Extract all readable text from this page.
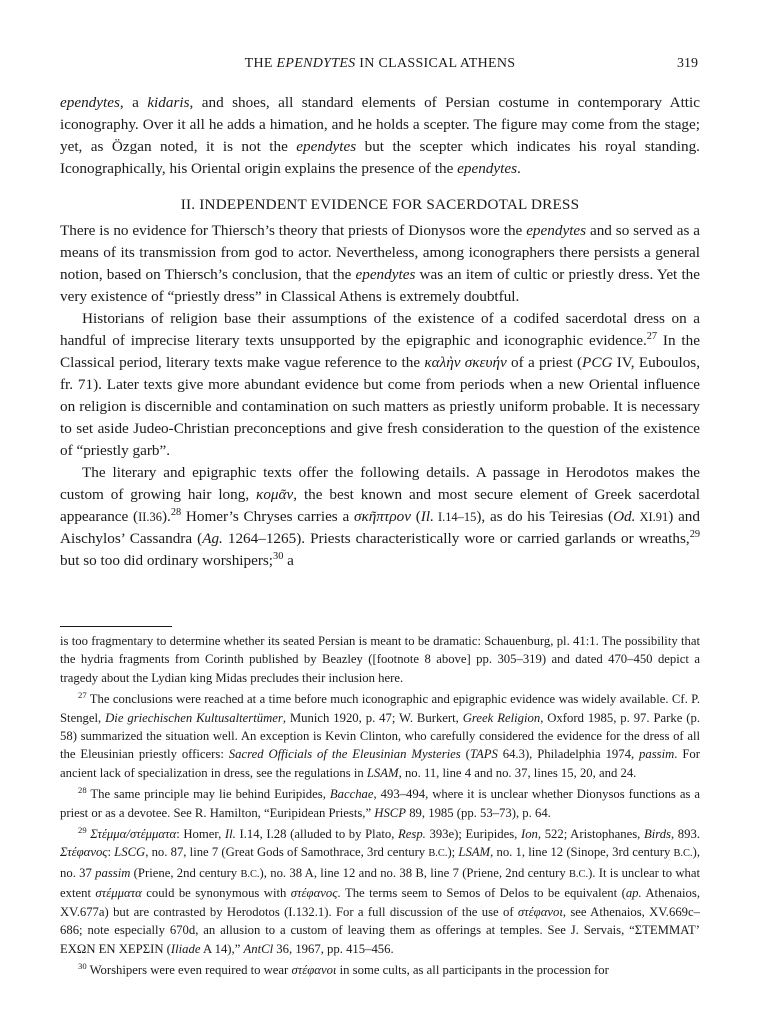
THE EPENDYTES IN CLASSICAL ATHENS	319

ependytes, a kidaris, and shoes, all standard elements of Persian costume in contemporary Attic iconography. Over it all he adds a himation, and he holds a scepter. The figure may come from the stage; yet, as Özgan noted, it is not the ependytes but the scepter which indicates his royal standing. Iconographically, his Oriental origin explains the presence of the ependytes.

II. INDEPENDENT EVIDENCE FOR SACERDOTAL DRESS

There is no evidence for Thiersch’s theory that priests of Dionysos wore the ependytes and so served as a means of its transmission from god to actor. Nevertheless, among iconographers there persists a general notion, based on Thiersch’s conclusion, that the ependytes was an item of cultic or priestly dress. Yet the very existence of “priestly dress” in Classical Athens is extremely doubtful.

Historians of religion base their assumptions of the existence of a codifed sacerdotal dress on a handful of imprecise literary texts unsupported by the epigraphic and iconographic evidence.$^{27}$ In the Classical period, literary texts make vague reference to the καλὴν σκευήν of a priest (PCG IV, Euboulos, fr. 71). Later texts give more abundant evidence but come from periods when a new Oriental influence on religion is discernible and contamination on such matters as priestly uniform probable. It is necessary to set aside Judeo-Christian preconceptions and give fresh consideration to the question of the existence of “priestly garb”.

The literary and epigraphic texts offer the following details. A passage in Herodotos makes the custom of growing hair long, κομᾶν, the best known and most secure element of Greek sacerdotal appearance (II.36).$^{28}$ Homer’s Chryses carries a σκῆπτρον (Il. I.14–15), as do his Teiresias (Od. XI.91) and Aischylos’ Cassandra (Ag. 1264–1265). Priests characteristically wore or carried garlands or wreaths,$^{29}$ but so too did ordinary worshipers;$^{30}$ a

is too fragmentary to determine whether its seated Persian is meant to be dramatic: Schauenburg, pl. 41:1. The possibility that the hydria fragments from Corinth published by Beazley ([footnote 8 above] pp. 305–319) and dated 470–450 depict a tragedy about the Lydian king Midas precludes their inclusion here.

$^{27}$ The conclusions were reached at a time before much iconographic and epigraphic evidence was widely available. Cf. P. Stengel, Die griechischen Kultusaltertümer, Munich 1920, p. 47; W. Burkert, Greek Religion, Oxford 1985, p. 97. Parke (p. 58) summarized the situation well. An exception is Kevin Clinton, who carefully considered the evidence for the dress of all the Eleusinian priestly officers: Sacred Officials of the Eleusinian Mysteries (TAPS 64.3), Philadelphia 1974, passim. For ancient lack of specialization in dress, see the regulations in LSAM, no. 11, line 4 and no. 37, lines 15, 20, and 24.

$^{28}$ The same principle may lie behind Euripides, Bacchae, 493–494, where it is unclear whether Dionysos functions as a priest or as a devotee. See R. Hamilton, “Euripidean Priests,” HSCP 89, 1985 (pp. 53–73), p. 64.

$^{29}$ Στέμμα/στέμματα: Homer, Il. I.14, I.28 (alluded to by Plato, Resp. 393e); Euripides, Ion, 522; Aristophanes, Birds, 893. Στέφανος: LSCG, no. 87, line 7 (Great Gods of Samothrace, 3rd century B.C.); LSAM, no. 1, line 12 (Sinope, 3rd century B.C.), no. 37 passim (Priene, 2nd century B.C.), no. 38 A, line 12 and no. 38 B, line 7 (Priene, 2nd century B.C.). It is unclear to what extent στέμματα could be synonymous with στέφανος. The terms seem to Semos of Delos to be equivalent (ap. Athenaios, XV.677a) but are contrasted by Herodotos (I.132.1). For a full discussion of the use of στέφανοι, see Athenaios, XV.669c–686; note especially 670d, an allusion to a custom of leaving them as offerings at temples. See J. Servais, “ΣΤΕΜΜΑΤ’ ΕΧΩΝ ΕΝ ΧΕΡΣΙΝ (Iliade A 14),” AntCl 36, 1967, pp. 415–456.

$^{30}$ Worshipers were even required to wear στέφανοι in some cults, as all participants in the procession for
